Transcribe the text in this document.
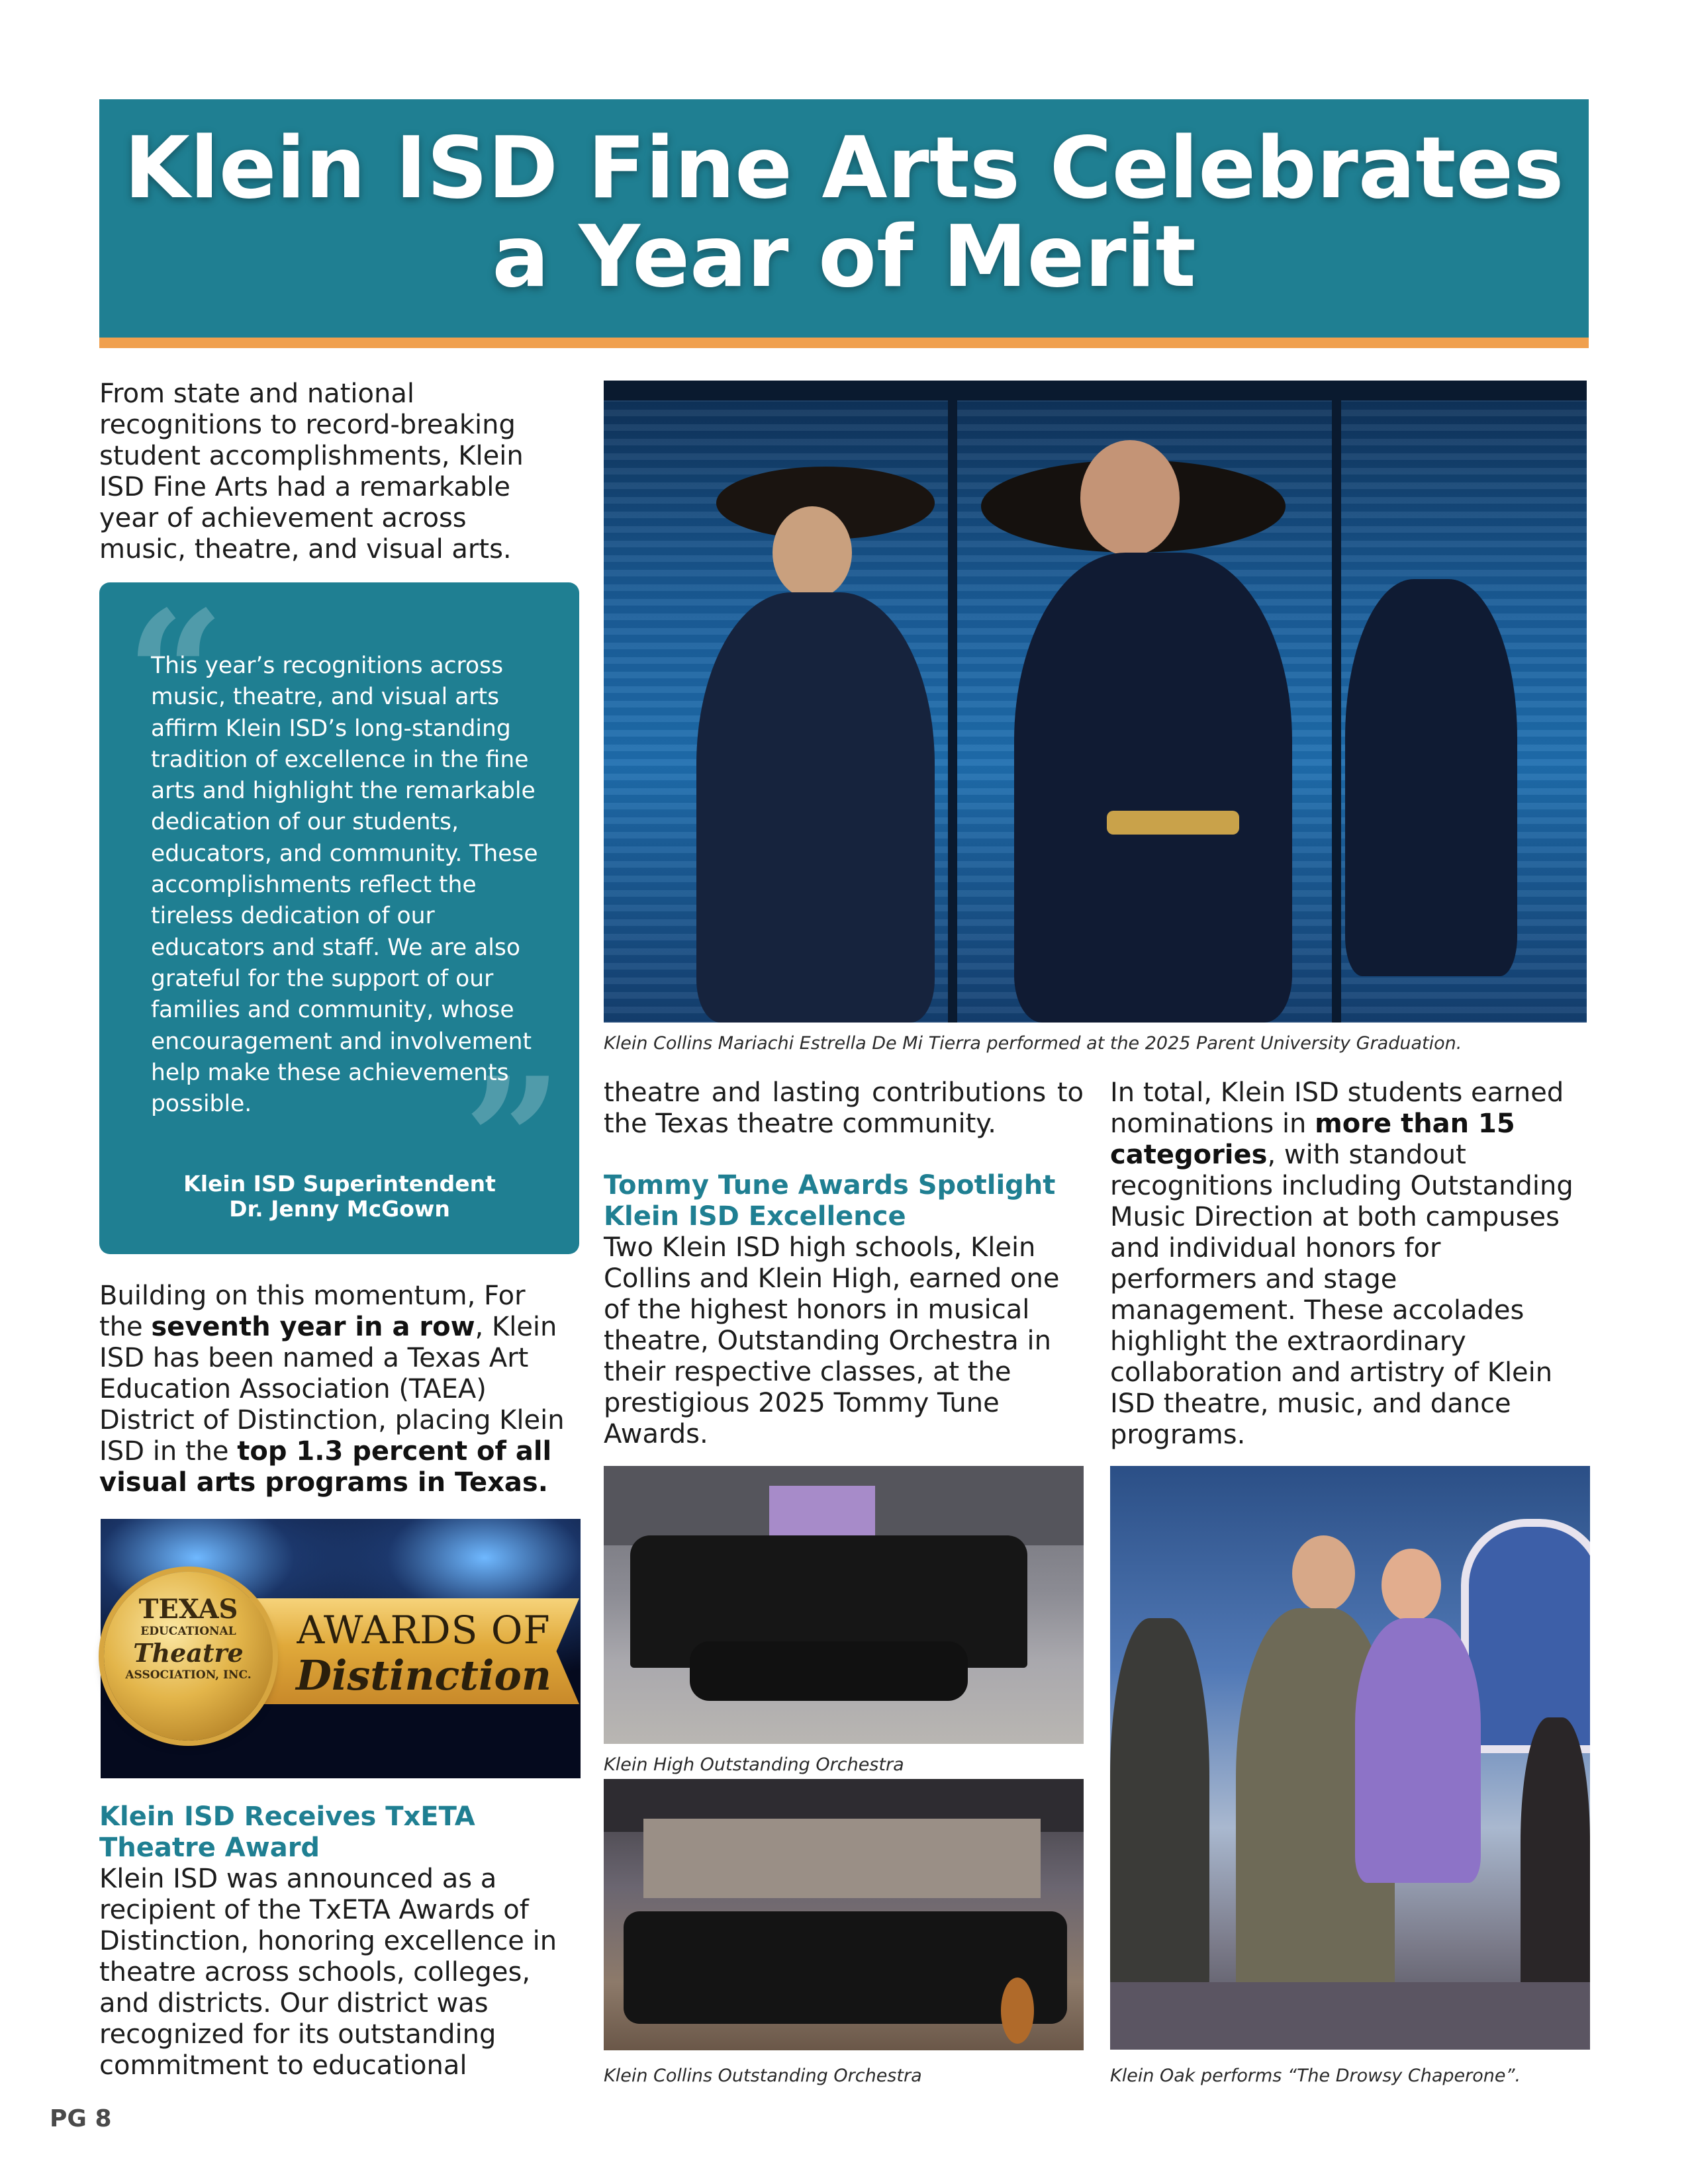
Klein ISD Fine Arts Celebrates
a Year of Merit

From state and national recognitions to record-breaking student accomplishments, Klein ISD Fine Arts had a remarkable year of achievement across music, theatre, and visual arts.

“

This year’s recognitions across music, theatre, and visual arts affirm Klein ISD’s long-standing tradition of excellence in the fine arts and highlight the remarkable dedication of our students, educators, and community. These accomplishments reflect the tireless dedication of our educators and staff. We are also grateful for the support of our families and community, whose encouragement and involvement help make these achievements possible.	”
Klein ISD Superintendent
Dr. Jenny McGown

Building on this momentum, For the seventh year in a row, Klein ISD has been named a Texas Art Education Association (TAEA) District of Distinction, placing Klein ISD in the top 1.3 percent of all visual arts programs in Texas.

TEXAS
EDUCATIONAL
Theatre
ASSOCIATION, INC.
AWARDS OF
Distinction
Klein ISD Receives TxETA
Theatre Award

Klein ISD was announced as a recipient of the TxETA Awards of Distinction, honoring excellence in theatre across schools, colleges, and districts. Our district was recognized for its outstanding commitment to educational

Klein Collins Mariachi Estrella De Mi Tierra performed at the 2025 Parent University Graduation.

theatre and lasting contributions to the Texas theatre community.

Tommy Tune Awards Spotlight
Klein ISD Excellence

Two Klein ISD high schools, Klein Collins and Klein High, earned one of the highest honors in musical theatre, Outstanding Orchestra in their respective classes, at the prestigious 2025 Tommy Tune Awards.

In total, Klein ISD students earned nominations in more than 15 categories, with standout recognitions including Outstanding Music Direction at both campuses and individual honors for performers and stage management. These accolades highlight the extraordinary collaboration and artistry of Klein ISD theatre, music, and dance programs.

Klein High Outstanding Orchestra

Klein Collins Outstanding Orchestra	Klein Oak performs “The Drowsy Chaperone”.

PG 8
